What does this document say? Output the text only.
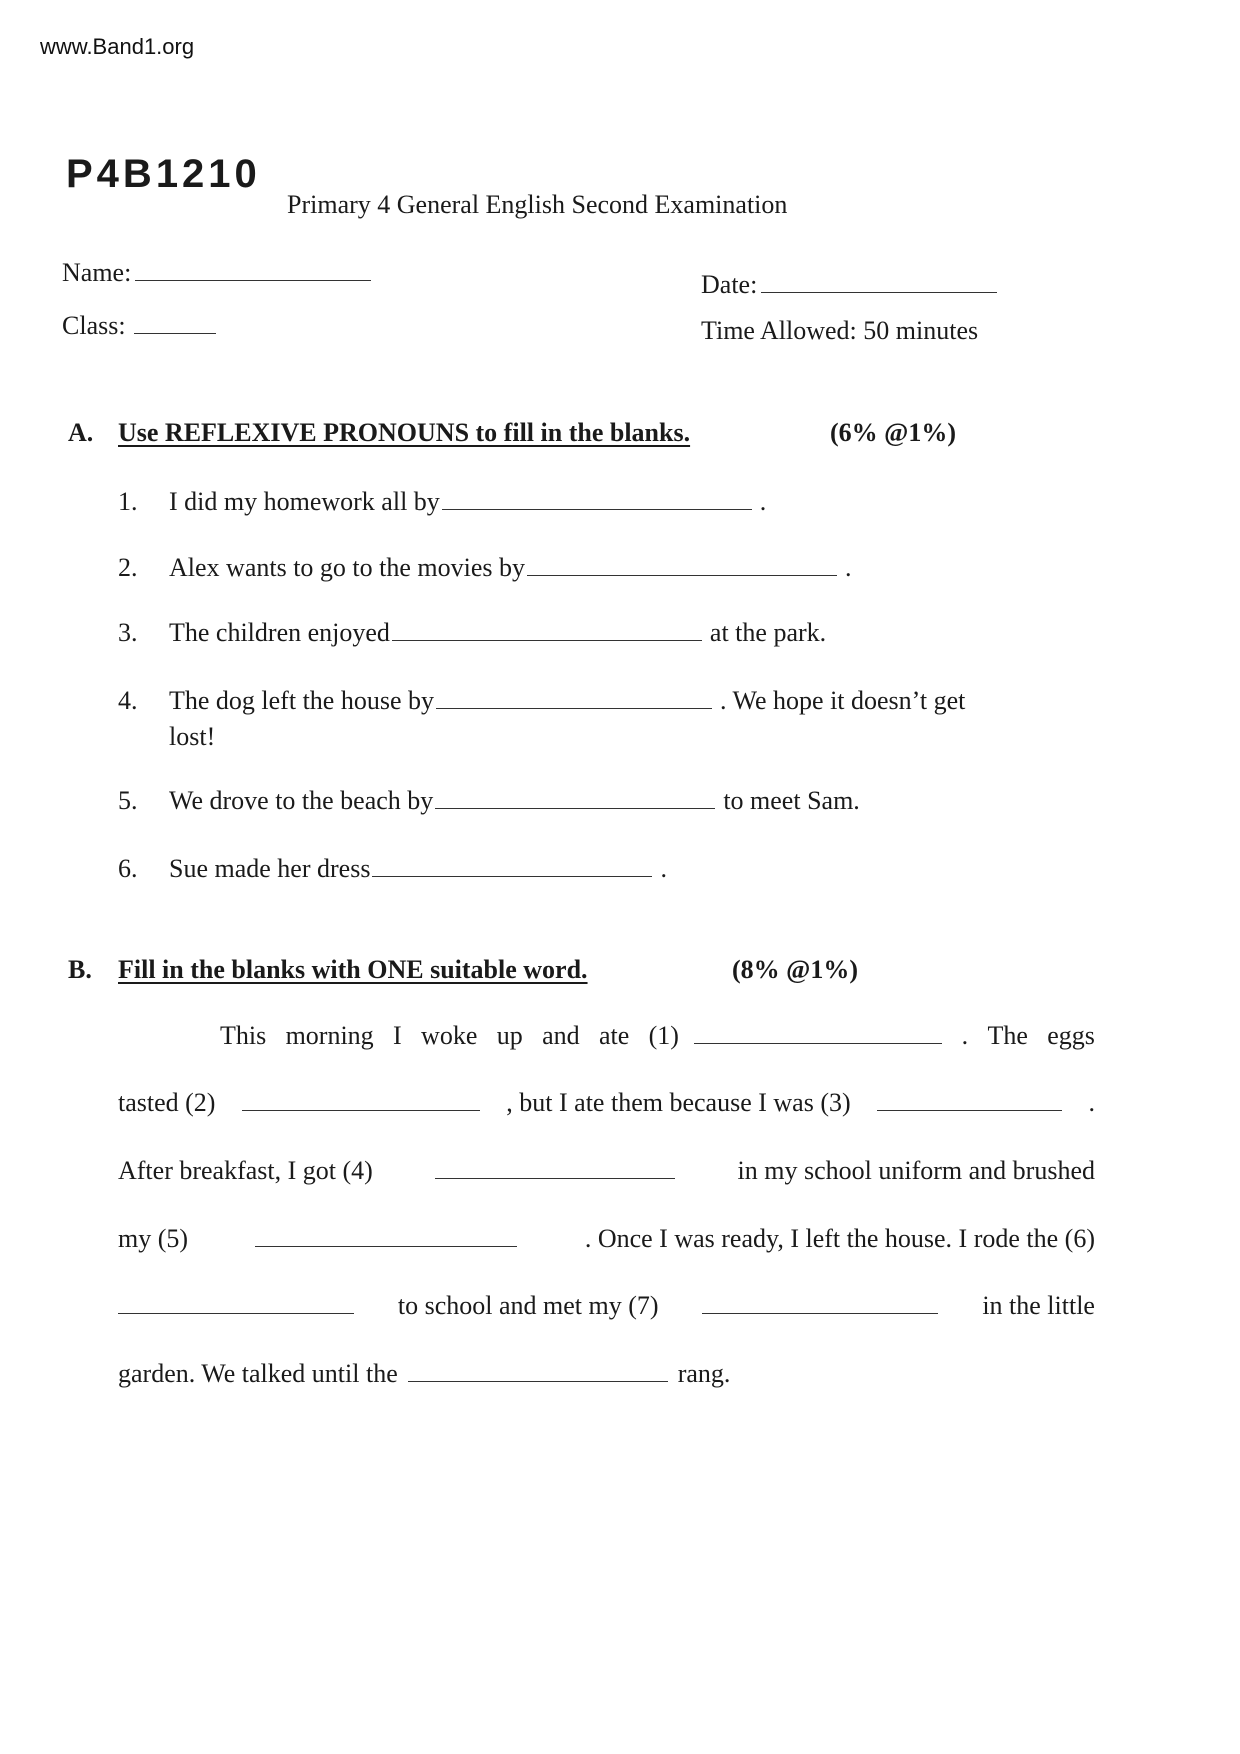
www.Band1.org
P4B1210
Primary 4 General English Second Examination
Name:	Date:
Class:	Time Allowed: 50 minutes
A. Use REFLEXIVE PRONOUNS to fill in the blanks.	(6% @1%)
1. I did my homework all by	.
2. Alex wants to go to the movies by	.
3. The children enjoyed	at the park.
4. The dog left the house by	. We hope it doesn’t get
lost!
5. We drove to the beach by	to meet Sam.
6. Sue made her dress	.
B. Fill in the blanks with ONE suitable word.	(8% @1%)
This morning I woke up and ate (1)	. The eggs
tasted (2)	, but I ate them because I was (3)	.
After breakfast, I got (4)	in my school uniform and brushed
my (5)	. Once I was ready, I left the house. I rode the (6)
to school and met my (7)	in the little
garden. We talked until the	rang.
